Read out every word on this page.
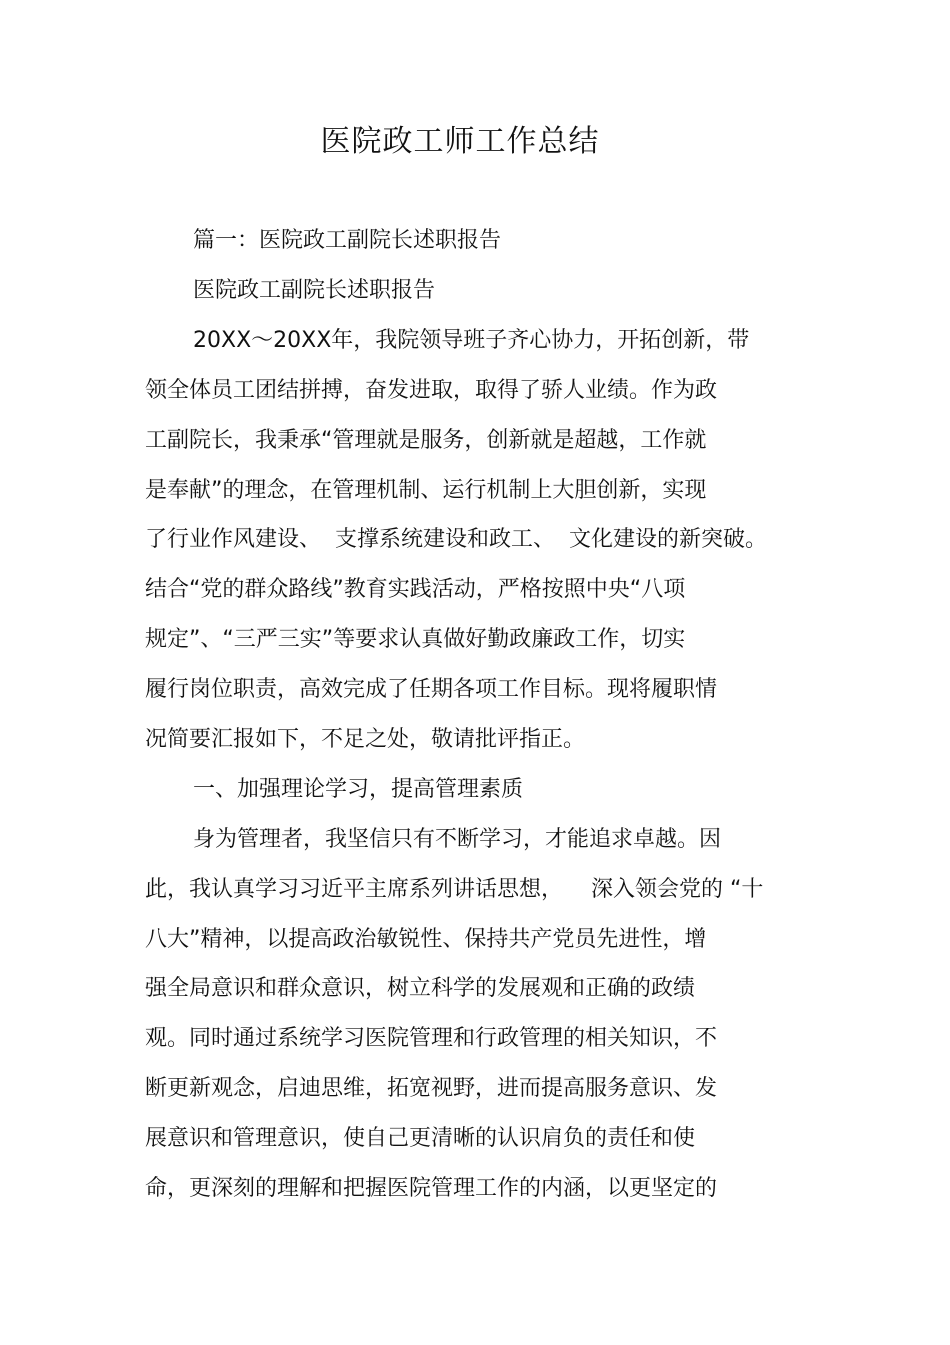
医院政工师工作总结

篇一：医院政工副院长述职报告

医院政工副院长述职报告

20XX～20XX年，我院领导班子齐心协力，开拓创新，带

领全体员工团结拼搏，奋发进取，取得了骄人业绩。作为政

工副院长，我秉承“管理就是服务，创新就是超越，工作就

是奉献”的理念，在管理机制、运行机制上大胆创新，实现

了行业作风建设、  支撑系统建设和政工、  文化建设的新突破。

结合“党的群众路线”教育实践活动，严格按照中央“八项

规定”、“三严三实”等要求认真做好勤政廉政工作，切实

履行岗位职责，高效完成了任期各项工作目标。现将履职情

况简要汇报如下，不足之处，敬请批评指正。

一、加强理论学习，提高管理素质

身为管理者，我坚信只有不断学习，才能追求卓越。因

此，我认真学习习近平主席系列讲话思想，    深入领会党的 “十

八大”精神，以提高政治敏锐性、保持共产党员先进性，增

强全局意识和群众意识，树立科学的发展观和正确的政绩

观。同时通过系统学习医院管理和行政管理的相关知识，不

断更新观念，启迪思维，拓宽视野，进而提高服务意识、发

展意识和管理意识，使自己更清晰的认识肩负的责任和使

命，更深刻的理解和把握医院管理工作的内涵，以更坚定的
